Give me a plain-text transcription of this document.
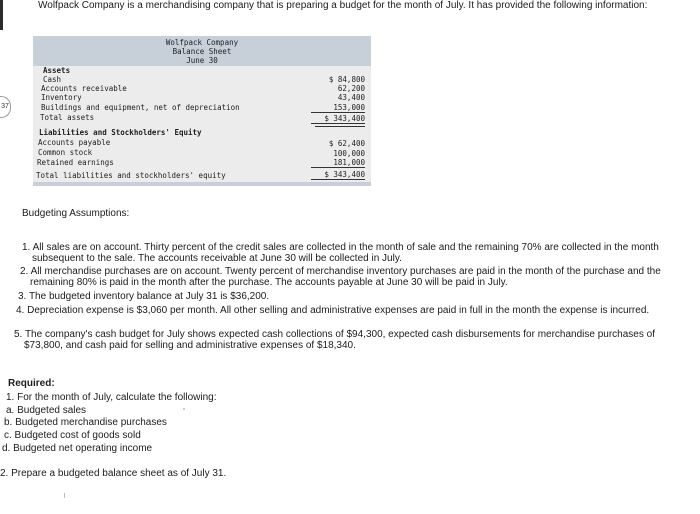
37
Wolfpack Company is a merchandising company that is preparing a budget for the month of July. It has provided the following information:
Wolfpack Company
Balance Sheet
June 30
Assets
Cash	$ 84,800
Accounts receivable	62,200
Inventory	43,400
Buildings and equipment, net of depreciation	153,000
Total assets	$ 343,400
Liabilities and Stockholders' Equity
Accounts payable	$ 62,400
Common stock	100,000
Retained earnings	181,000
Total liabilities and stockholders' equity	$ 343,400
Budgeting Assumptions:
1. All sales are on account. Thirty percent of the credit sales are collected in the month of sale and the remaining 70% are collected in the month subsequent to the sale. The accounts receivable at June 30 will be collected in July.
2. All merchandise purchases are on account. Twenty percent of merchandise inventory purchases are paid in the month of the purchase and the remaining 80% is paid in the month after the purchase. The accounts payable at June 30 will be paid in July.
3. The budgeted inventory balance at July 31 is $36,200.
4. Depreciation expense is $3,060 per month. All other selling and administrative expenses are paid in full in the month the expense is incurred.
5. The company's cash budget for July shows expected cash collections of $94,300, expected cash disbursements for merchandise purchases of $73,800, and cash paid for selling and administrative expenses of $18,340.
Required:
1. For the month of July, calculate the following:
a. Budgeted sales
b. Budgeted merchandise purchases
c. Budgeted cost of goods sold
d. Budgeted net operating income
2. Prepare a budgeted balance sheet as of July 31.
